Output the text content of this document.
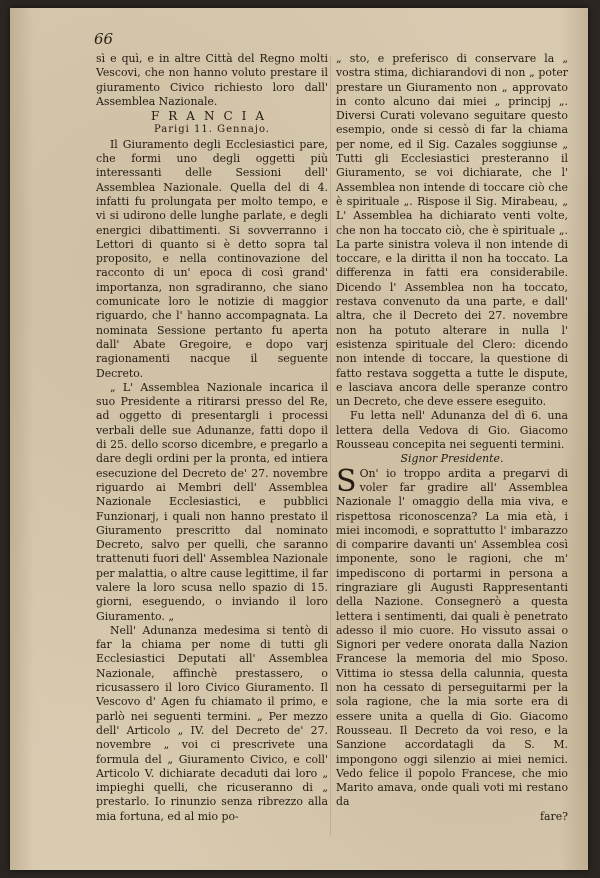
66

sì e quì, e in altre Città del Regno molti Vescovi, che non hanno voluto prestare il giuramento Civico richiesto loro dall' Assemblea Nazionale.

FRANCIA

Parigi 11. Gennajo.

Il Giuramento degli Ecclesiastici pare, che formi uno degli oggetti più interessanti delle Sessioni dell' Assemblea Nazionale. Quella del di 4. infatti fu prolungata per molto tempo, e vi si udirono delle lunghe parlate, e degli energici dibattimenti. Si sovverranno i Lettori di quanto si è detto sopra tal proposito, e nella continovazione del racconto di un' epoca di così grand' importanza, non sgradiranno, che siano comunicate loro le notizie di maggior riguardo, che l' hanno accompagnata. La nominata Sessione pertanto fu aperta dall' Abate Gregoire, e dopo varj ragionamenti nacque il seguente Decreto.

„ L' Assemblea Nazionale incarica il suo Presidente a ritirarsi presso del Re, ad oggetto di presentargli i processi verbali delle sue Adunanze, fatti dopo il di 25. dello scorso dicembre, e pregarlo a dare degli ordini per la pronta, ed intiera esecuzione del Decreto de' 27. novembre riguardo ai Membri dell' Assemblea Nazionale Ecclesiastici, e pubblici Funzionarj, i quali non hanno prestato il Giuramento prescritto dal nominato Decreto, salvo per quelli, che saranno trattenuti fuori dell' Assemblea Nazionale per malattia, o altre cause legittime, il far valere la loro scusa nello spazio di 15. giorni, eseguendo, o inviando il loro Giuramento. „

Nell' Adunanza medesima si tentò di far la chiama per nome di tutti gli Ecclesiastici Deputati all' Assemblea Nazionale, affinchè prestassero, o ricusassero il loro Civico Giuramento. Il Vescovo d' Agen fu chiamato il primo, e parlò nei seguenti termini. „ Per mezzo dell' Articolo „ IV. del Decreto de' 27. novembre „ voi ci prescrivete una formula del „ Giuramento Civico, e coll' Articolo V. dichiarate decaduti dai loro „ impieghi quelli, che ricuseranno di „ prestarlo. Io rinunzio senza ribrezzo alla mia fortuna, ed al mio po-

„ sto, e preferisco di conservare la „ vostra stima, dichiarandovi di non „ poter prestare un Giuramento non „ approvato in conto alcuno dai miei „ principj „. Diversi Curati volevano seguitare questo esempio, onde si cessò di far la chiama per nome, ed il Sig. Cazales soggiunse „ Tutti gli Ecclesiastici presteranno il Giuramento, se voi dichiarate, che l' Assemblea non intende di toccare ciò che è spirituale „. Rispose il Sig. Mirabeau, „ L' Assemblea ha dichiarato venti volte, che non ha toccato ciò, che è spirituale „. La parte sinistra voleva il non intende di toccare, e la diritta il non ha toccato. La differenza in fatti era considerabile. Dicendo l' Assemblea non ha toccato, restava convenuto da una parte, e dall' altra, che il Decreto dei 27. novembre non ha potuto alterare in nulla l' esistenza spirituale del Clero: dicendo non intende di toccare, la questione di fatto restava soggetta a tutte le dispute, e lasciava ancora delle speranze contro un Decreto, che deve essere eseguito.

Fu letta nell' Adunanza del dì 6. una lettera della Vedova di Gio. Giacomo Rousseau concepita nei seguenti termini.

Signor Presidente.

S On' io troppo ardita a pregarvi di voler far gradire all' Assemblea Nazionale l' omaggio della mia viva, e rispettosa riconoscenza? La mia età, i miei incomodi, e soprattutto l' imbarazzo di comparire davanti un' Assemblea così imponente, sono le ragioni, che m' impediscono di portarmi in persona a ringraziare gli Augusti Rappresentanti della Nazione. Consegnerò a questa lettera i sentimenti, dai quali è penetrato adesso il mio cuore. Ho vissuto assai o Signori per vedere onorata dalla Nazion Francese la memoria del mio Sposo. Vittima io stessa della calunnia, questa non ha cessato di perseguitarmi per la sola ragione, che la mia sorte era di essere unita a quella di Gio. Giacomo Rousseau. Il Decreto da voi reso, e la Sanzione accordatagli da S. M. impongono oggi silenzio ai miei nemici. Vedo felice il popolo Francese, che mio Marito amava, onde quali voti mi restano da

fare?
